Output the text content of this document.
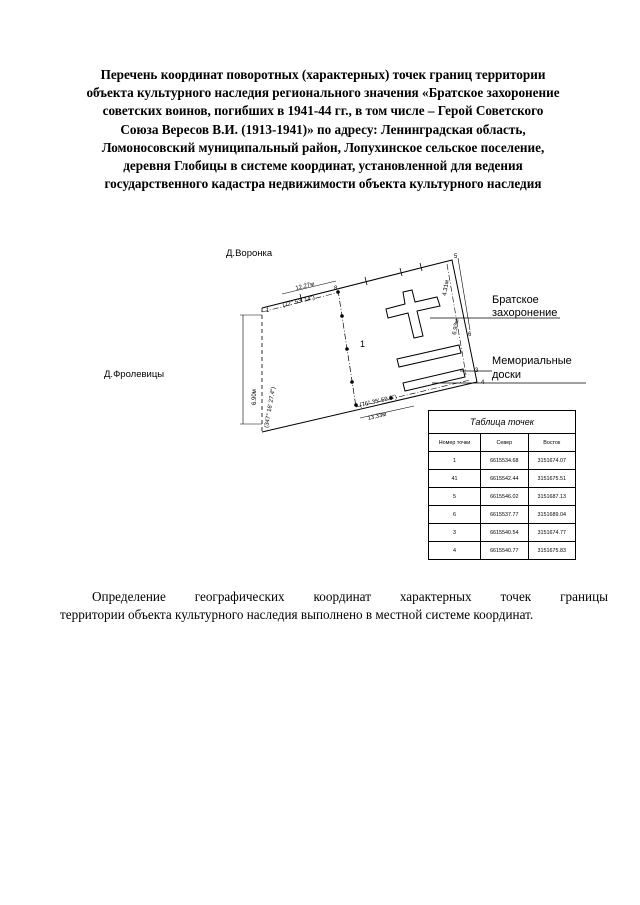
Перечень координат поворотных (характерных) точек границ территории
объекта культурного наследия регионального значения «Братское захоронение
советских воинов, погибших в 1941-44 гг., в том числе – Герой Советского
Союза Вересов В.И. (1913-1941)» по адресу: Ленинградская область,
Ломоносовский муниципальный район, Лопухинское сельское поселение,
деревня Глобицы в системе координат, установленной для ведения
государственного кадастра недвижимости объекта культурного наследия
Д.Воронка
Д.Фролевицы
Братское
захоронение
Мемориальные
доски
1
12.27м
(72° 53' 14")
13.33м
(76° 35' 59.0")
6.90м (347° 16' 27.4")
4.31м
6.93м
1
4
5
6
3
8
Таблица точек		
Номер точки	Север	Восток
1	6615534.68	3151674.07
41	6615542.44	3151675.51
5	6615546.02	3151687.13
6	6615537.77	3151689.04
3	6615540.54	3151674.77
4	6615540.77	3151675.83
Определение географических координат характерных точек границы
территории объекта культурного наследия выполнено в местной системе координат.
